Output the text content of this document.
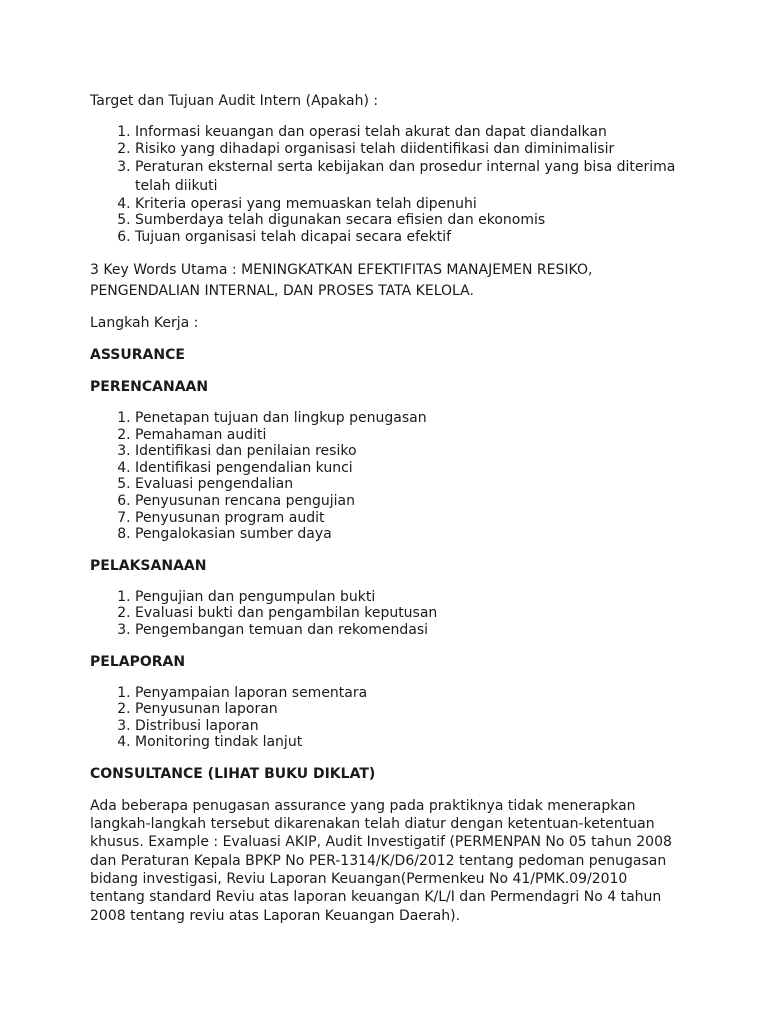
Target dan Tujuan Audit Intern (Apakah) :

1. Informasi keuangan dan operasi telah akurat dan dapat diandalkan
2. Risiko yang dihadapi organisasi telah diidentifikasi dan diminimalisir
3. Peraturan eksternal serta kebijakan dan prosedur internal yang bisa diterima telah diikuti
4. Kriteria operasi yang memuaskan telah dipenuhi
5. Sumberdaya telah digunakan secara efisien dan ekonomis
6. Tujuan organisasi telah dicapai secara efektif

3 Key Words Utama : MENINGKATKAN EFEKTIFITAS MANAJEMEN RESIKO,

PENGENDALIAN INTERNAL, DAN PROSES TATA KELOLA.

Langkah Kerja :

ASSURANCE

PERENCANAAN

1. Penetapan tujuan dan lingkup penugasan
2. Pemahaman auditi
3. Identifikasi dan penilaian resiko
4. Identifikasi pengendalian kunci
5. Evaluasi pengendalian
6. Penyusunan rencana pengujian
7. Penyusunan program audit
8. Pengalokasian sumber daya

PELAKSANAAN

1. Pengujian dan pengumpulan bukti
2. Evaluasi bukti dan pengambilan keputusan
3. Pengembangan temuan dan rekomendasi

PELAPORAN

1. Penyampaian laporan sementara
2. Penyusunan laporan
3. Distribusi laporan
4. Monitoring tindak lanjut

CONSULTANCE (LIHAT BUKU DIKLAT)

Ada beberapa penugasan assurance yang pada praktiknya tidak menerapkan

langkah-langkah tersebut dikarenakan telah diatur dengan ketentuan-ketentuan

khusus. Example : Evaluasi AKIP, Audit Investigatif (PERMENPAN No 05 tahun 2008

dan Peraturan Kepala BPKP No PER-1314/K/D6/2012 tentang pedoman penugasan

bidang investigasi, Reviu Laporan Keuangan(Permenkeu No 41/PMK.09/2010

tentang standard Reviu atas laporan keuangan K/L/I dan Permendagri No 4 tahun

2008 tentang reviu atas Laporan Keuangan Daerah).
